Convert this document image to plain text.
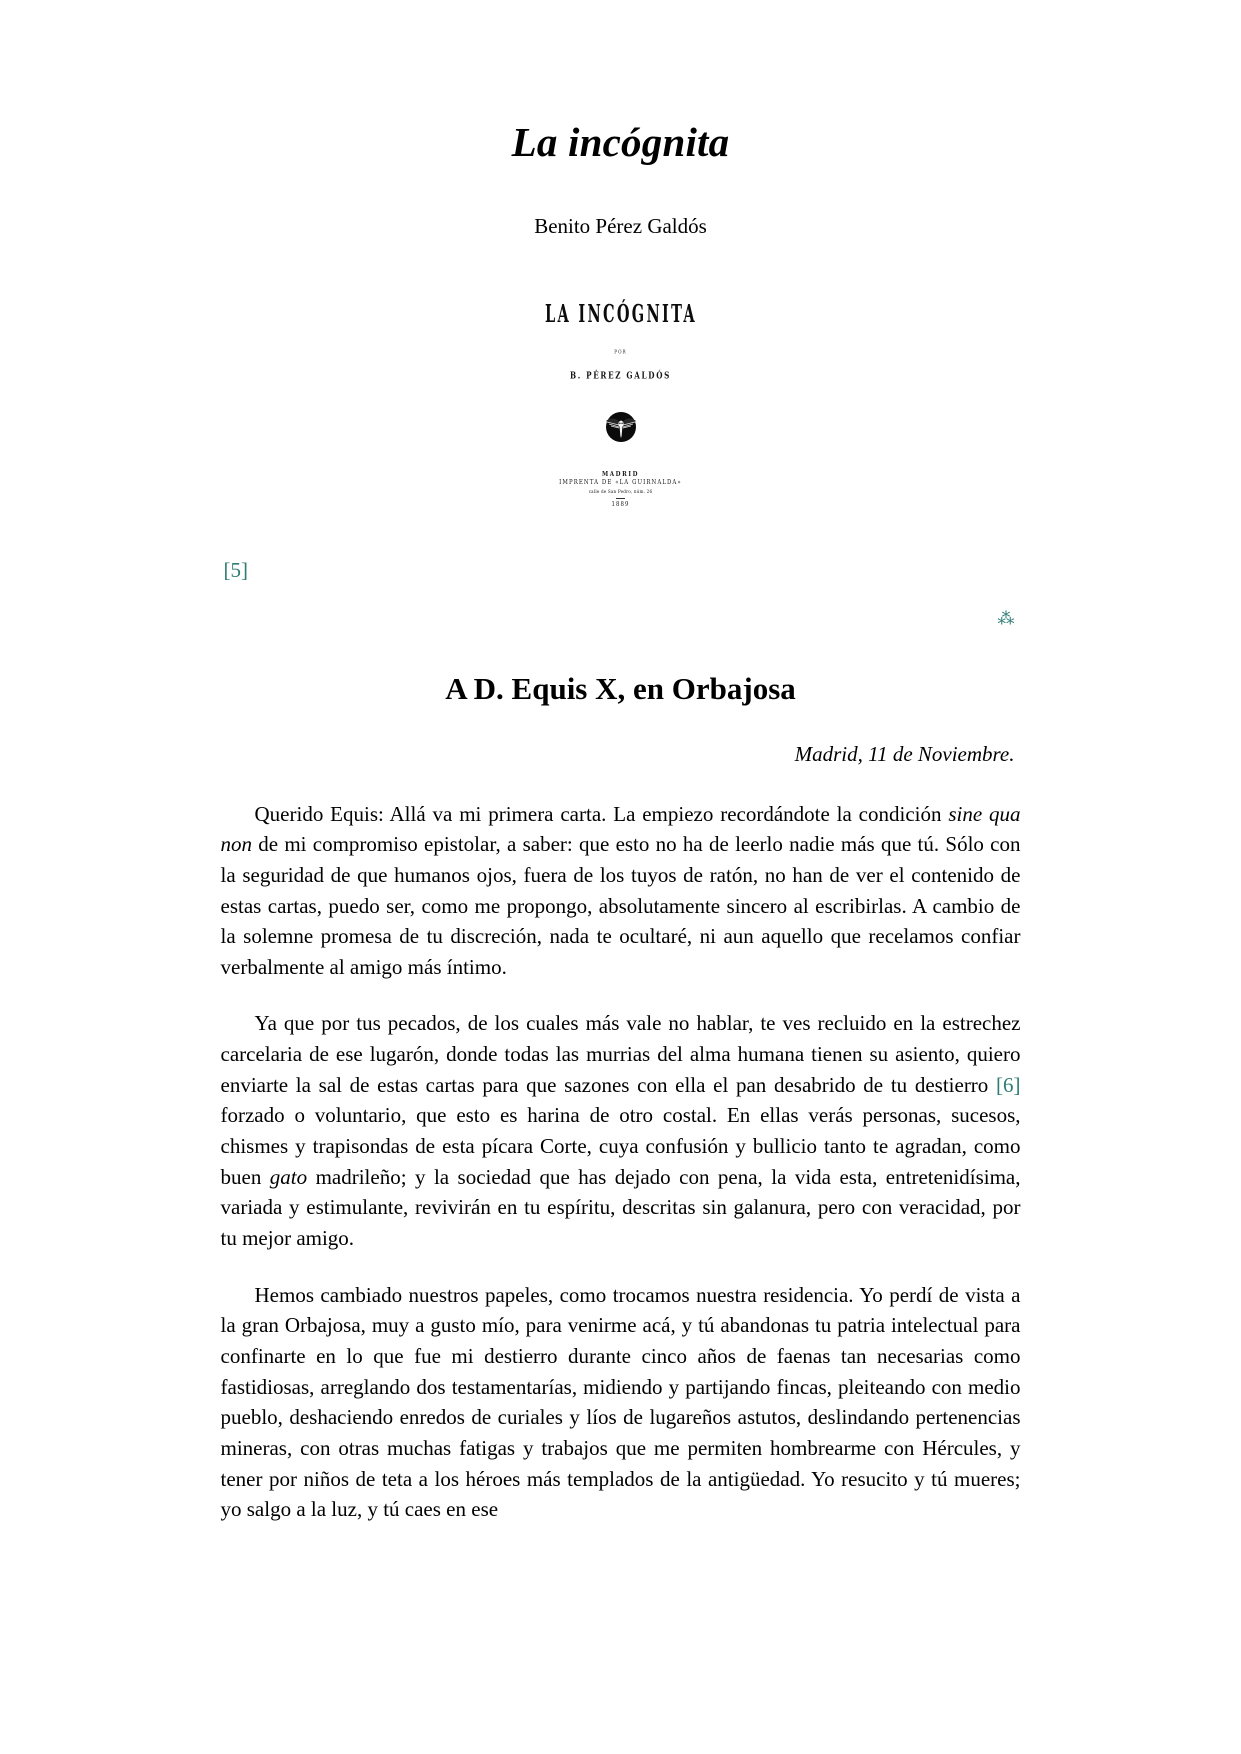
La incógnita
Benito Pérez Galdós
LA INCÓGNITA
POR
B. PÉREZ GALDÓS
MADRID
IMPRENTA DE «LA GUIRNALDA»
calle de San Pedro, núm. 26
1889
[5]
⁂
A D. Equis X, en Orbajosa
Madrid, 11 de Noviembre.

Querido Equis: Allá va mi primera carta. La empiezo recordándote la condición sine qua non de mi compromiso epistolar, a saber: que esto no ha de leerlo nadie más que tú. Sólo con la seguridad de que humanos ojos, fuera de los tuyos de ratón, no han de ver el contenido de estas cartas, puedo ser, como me propongo, absolutamente sincero al escribirlas. A cambio de la solemne promesa de tu discreción, nada te ocultaré, ni aun aquello que recelamos confiar verbalmente al amigo más íntimo.

Ya que por tus pecados, de los cuales más vale no hablar, te ves recluido en la estrechez carcelaria de ese lugarón, donde todas las murrias del alma humana tienen su asiento, quiero enviarte la sal de estas cartas para que sazones con ella el pan desabrido de tu destierro [6] forzado o voluntario, que esto es harina de otro costal. En ellas verás personas, sucesos, chismes y trapisondas de esta pícara Corte, cuya confusión y bullicio tanto te agradan, como buen gato madrileño; y la sociedad que has dejado con pena, la vida esta, entretenidísima, variada y estimulante, revivirán en tu espíritu, descritas sin galanura, pero con veracidad, por tu mejor amigo.

Hemos cambiado nuestros papeles, como trocamos nuestra residencia. Yo perdí de vista a la gran Orbajosa, muy a gusto mío, para venirme acá, y tú abandonas tu patria intelectual para confinarte en lo que fue mi destierro durante cinco años de faenas tan necesarias como fastidiosas, arreglando dos testamentarías, midiendo y partijando fincas, pleiteando con medio pueblo, deshaciendo enredos de curiales y líos de lugareños astutos, deslindando pertenencias mineras, con otras muchas fatigas y trabajos que me permiten hombrearme con Hércules, y tener por niños de teta a los héroes más templados de la antigüedad. Yo resucito y tú mueres; yo salgo a la luz, y tú caes en ese
